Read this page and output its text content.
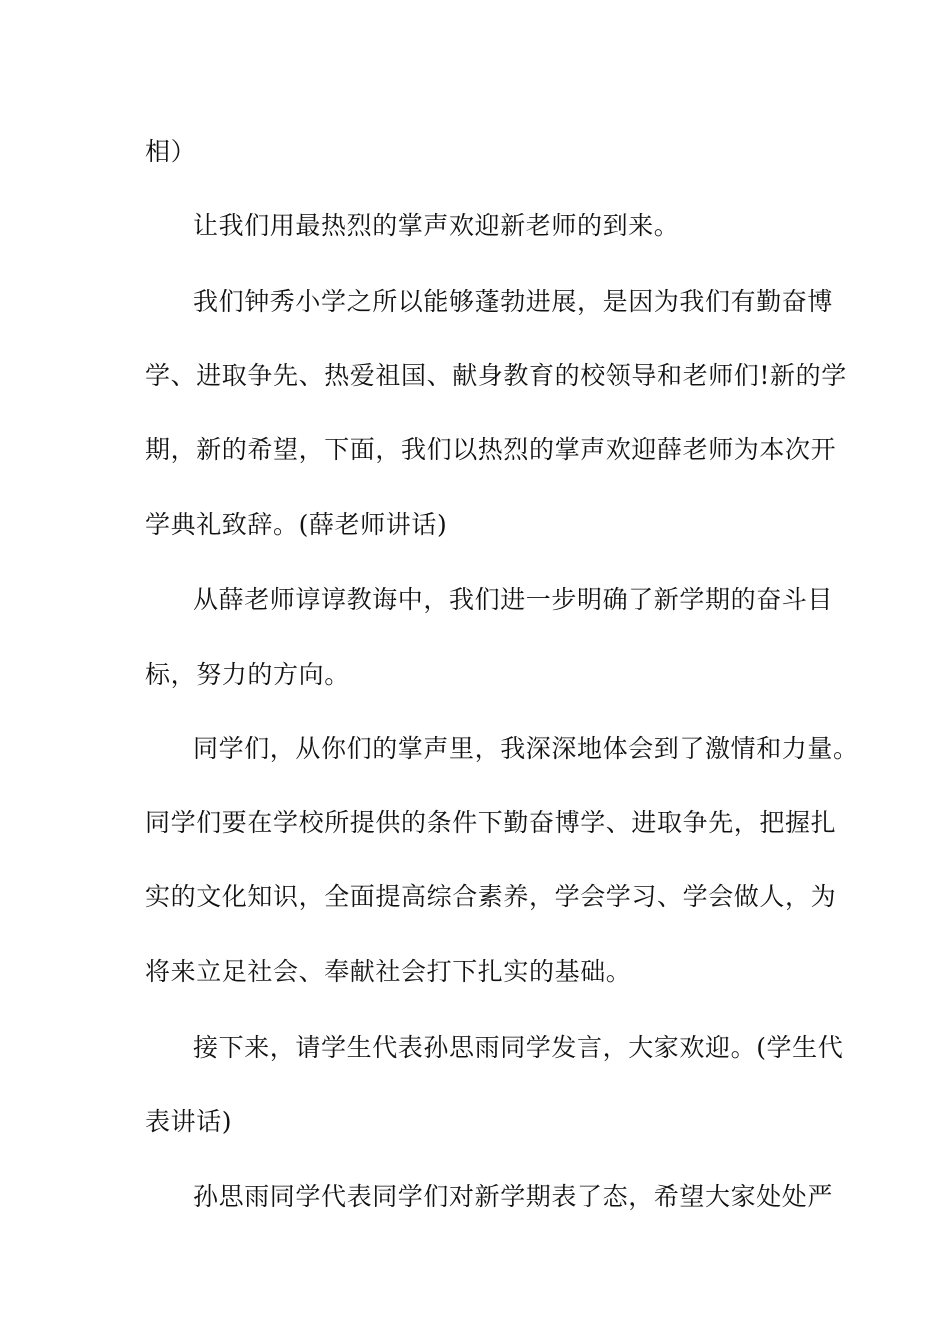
相）
让我们用最热烈的掌声欢迎新老师的到来。
我们钟秀小学之所以能够蓬勃进展，是因为我们有勤奋博
学、进取争先、热爱祖国、献身教育的校领导和老师们!新的学
期，新的希望，下面，我们以热烈的掌声欢迎薛老师为本次开
学典礼致辞。(薛老师讲话)
从薛老师谆谆教诲中，我们进一步明确了新学期的奋斗目
标，努力的方向。
同学们，从你们的掌声里，我深深地体会到了激情和力量。
同学们要在学校所提供的条件下勤奋博学、进取争先，把握扎
实的文化知识，全面提高综合素养，学会学习、学会做人，为
将来立足社会、奉献社会打下扎实的基础。
接下来，请学生代表孙思雨同学发言，大家欢迎。(学生代
表讲话)
孙思雨同学代表同学们对新学期表了态，希望大家处处严
